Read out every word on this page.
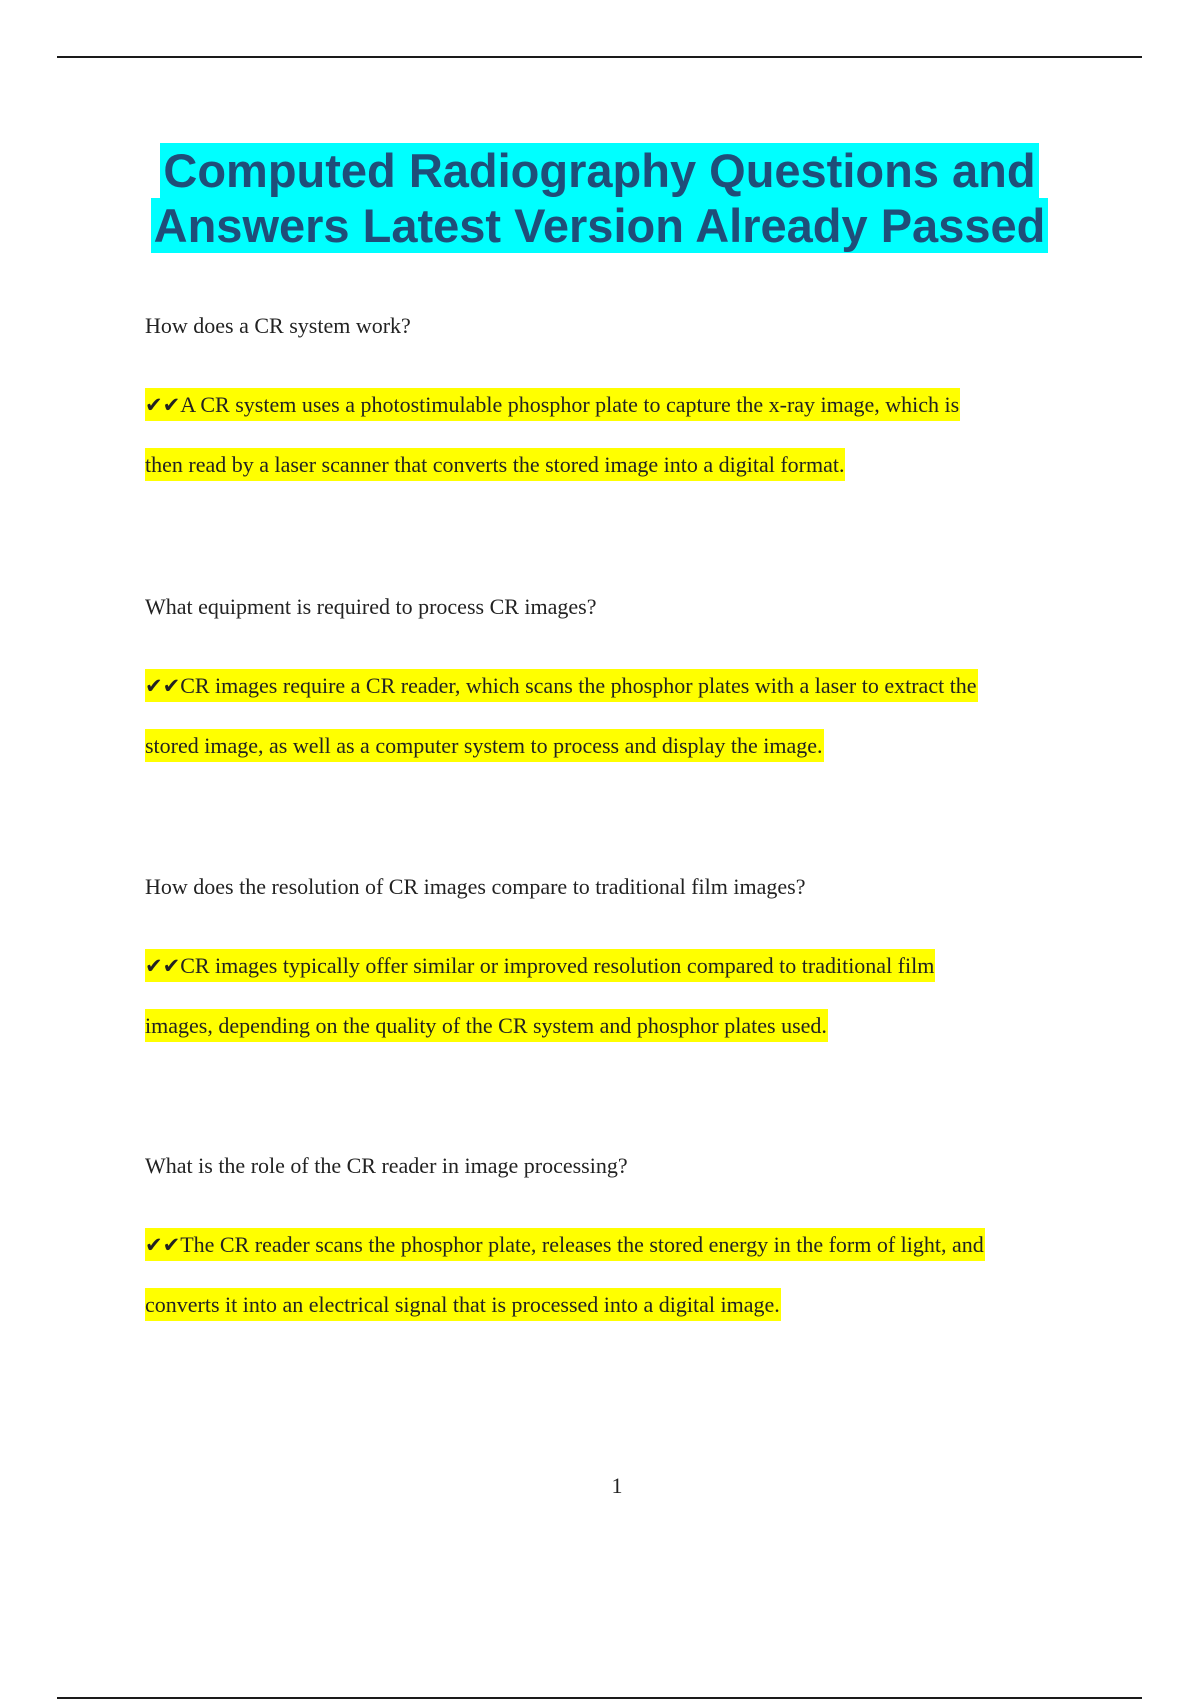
Computed Radiography Questions and
Answers Latest Version Already Passed
How does a CR system work?
✔✔A CR system uses a photostimulable phosphor plate to capture the x-ray image, which is
then read by a laser scanner that converts the stored image into a digital format.
What equipment is required to process CR images?
✔✔CR images require a CR reader, which scans the phosphor plates with a laser to extract the
stored image, as well as a computer system to process and display the image.
How does the resolution of CR images compare to traditional film images?
✔✔CR images typically offer similar or improved resolution compared to traditional film
images, depending on the quality of the CR system and phosphor plates used.
What is the role of the CR reader in image processing?
✔✔The CR reader scans the phosphor plate, releases the stored energy in the form of light, and
converts it into an electrical signal that is processed into a digital image.
1
